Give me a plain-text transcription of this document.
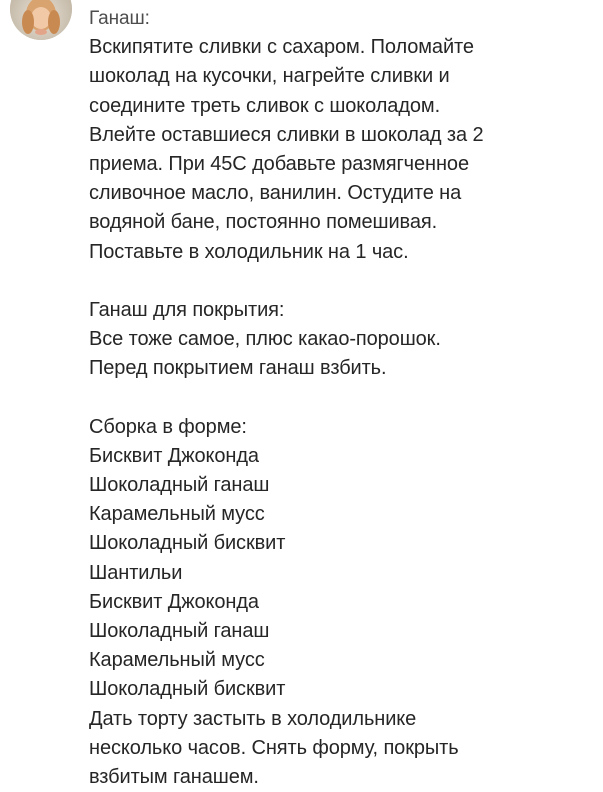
Ганаш:
Вскипятите сливки с сахаром. Поломайте
шоколад на кусочки, нагрейте сливки и
соедините треть сливок с шоколадом.
Влейте оставшиеся сливки в шоколад за 2
приема. При 45С добавьте размягченное
сливочное масло, ванилин. Остудите на
водяной бане, постоянно помешивая.
Поставьте в холодильник на 1 час.
Ганаш для покрытия:
Все тоже самое, плюс какао-порошок.
Перед покрытием ганаш взбить.
Сборка в форме:
Бисквит Джоконда
Шоколадный ганаш
Карамельный мусс
Шоколадный бисквит
Шантильи
Бисквит Джоконда
Шоколадный ганаш
Карамельный мусс
Шоколадный бисквит
Дать торту застыть в холодильнике
несколько часов. Снять форму, покрыть
взбитым ганашем.
